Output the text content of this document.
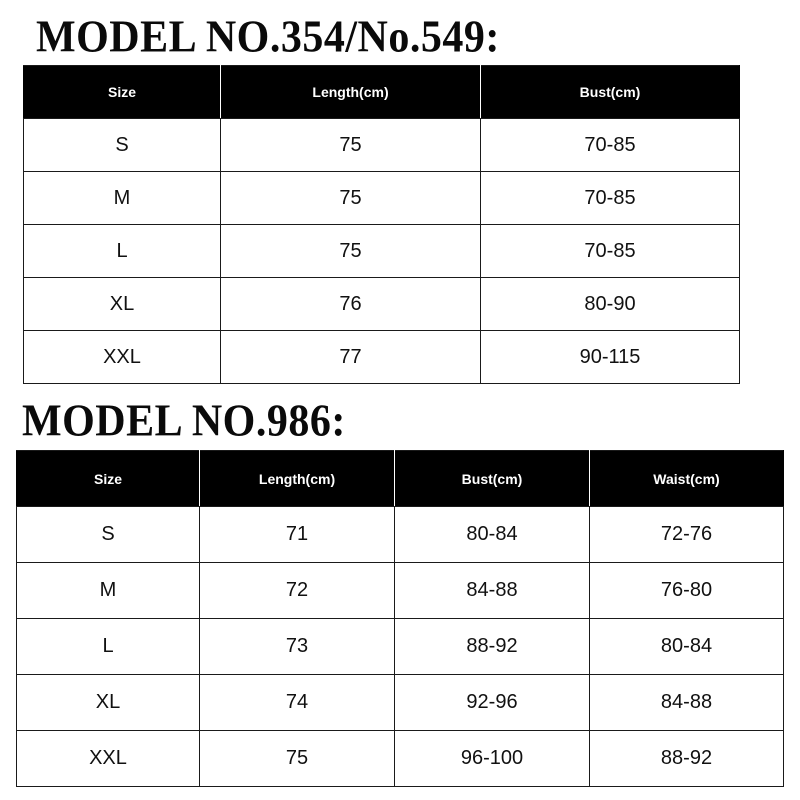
MODEL NO.354/No.549:
Size	Length(cm)	Bust(cm)
S	75	70-85
M	75	70-85
L	75	70-85
XL	76	80-90
XXL	77	90-115
MODEL NO.986:
Size	Length(cm)	Bust(cm)	Waist(cm)
S	71	80-84	72-76
M	72	84-88	76-80
L	73	88-92	80-84
XL	74	92-96	84-88
XXL	75	96-100	88-92
